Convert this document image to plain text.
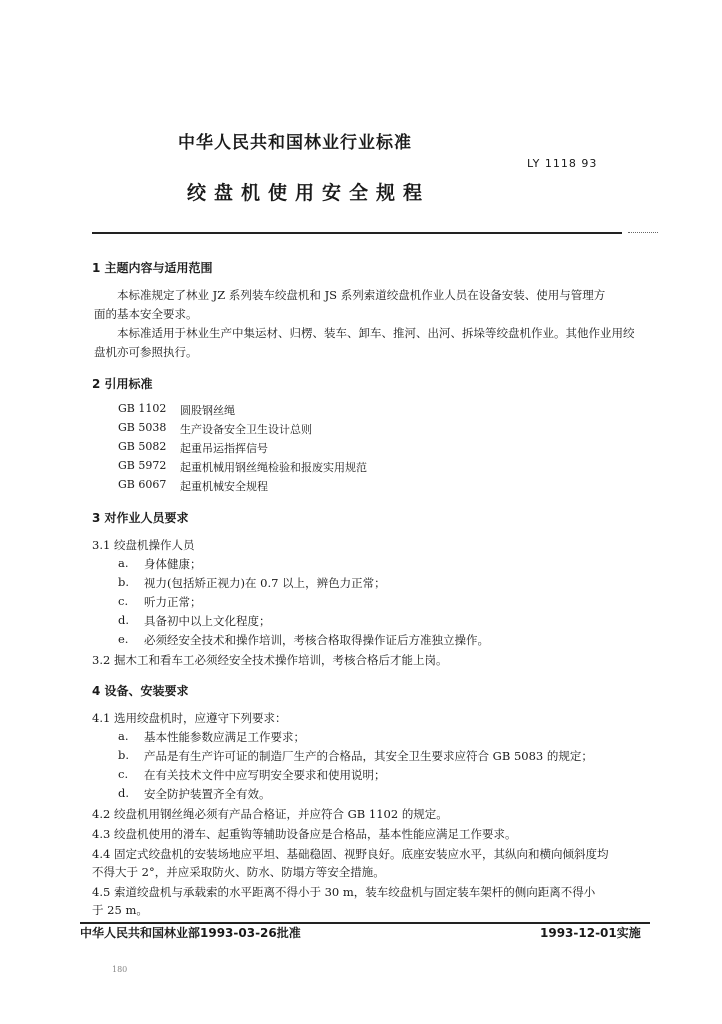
中华人民共和国林业行业标准
LY 1118 93
绞盘机使用安全规程
1 主题内容与适用范围
本标准规定了林业 JZ 系列装车绞盘机和 JS 系列索道绞盘机作业人员在设备安装、使用与管理方
面的基本安全要求。
本标准适用于林业生产中集运材、归楞、装车、卸车、推河、出河、拆垛等绞盘机作业。其他作业用绞
盘机亦可参照执行。
2 引用标准
GB 1102 圆股钢丝绳
GB 5038 生产设备安全卫生设计总则
GB 5082 起重吊运指挥信号
GB 5972 起重机械用钢丝绳检验和报废实用规范
GB 6067 起重机械安全规程
3 对作业人员要求
3.1 绞盘机操作人员
a. 身体健康；
b. 视力(包括矫正视力)在 0.7 以上，辨色力正常；
c. 听力正常；
d. 具备初中以上文化程度；
e. 必须经安全技术和操作培训，考核合格取得操作证后方准独立操作。
3.2 掘木工和看车工必须经安全技术操作培训，考核合格后才能上岗。
4 设备、安装要求
4.1 选用绞盘机时，应遵守下列要求：
a. 基本性能参数应满足工作要求；
b. 产品是有生产许可证的制造厂生产的合格品，其安全卫生要求应符合 GB 5083 的规定；
c. 在有关技术文件中应写明安全要求和使用说明；
d. 安全防护装置齐全有效。
4.2 绞盘机用钢丝绳必须有产品合格证，并应符合 GB 1102 的规定。
4.3 绞盘机使用的滑车、起重钩等辅助设备应是合格品，基本性能应满足工作要求。
4.4 固定式绞盘机的安装场地应平坦、基础稳固、视野良好。底座安装应水平，其纵向和横向倾斜度均
不得大于 2°，并应采取防火、防水、防塌方等安全措施。
4.5 索道绞盘机与承载索的水平距离不得小于 30 m，装车绞盘机与固定装车架杆的侧向距离不得小
于 25 m。
中华人民共和国林业部1993-03-26批准	1993-12-01实施
180
